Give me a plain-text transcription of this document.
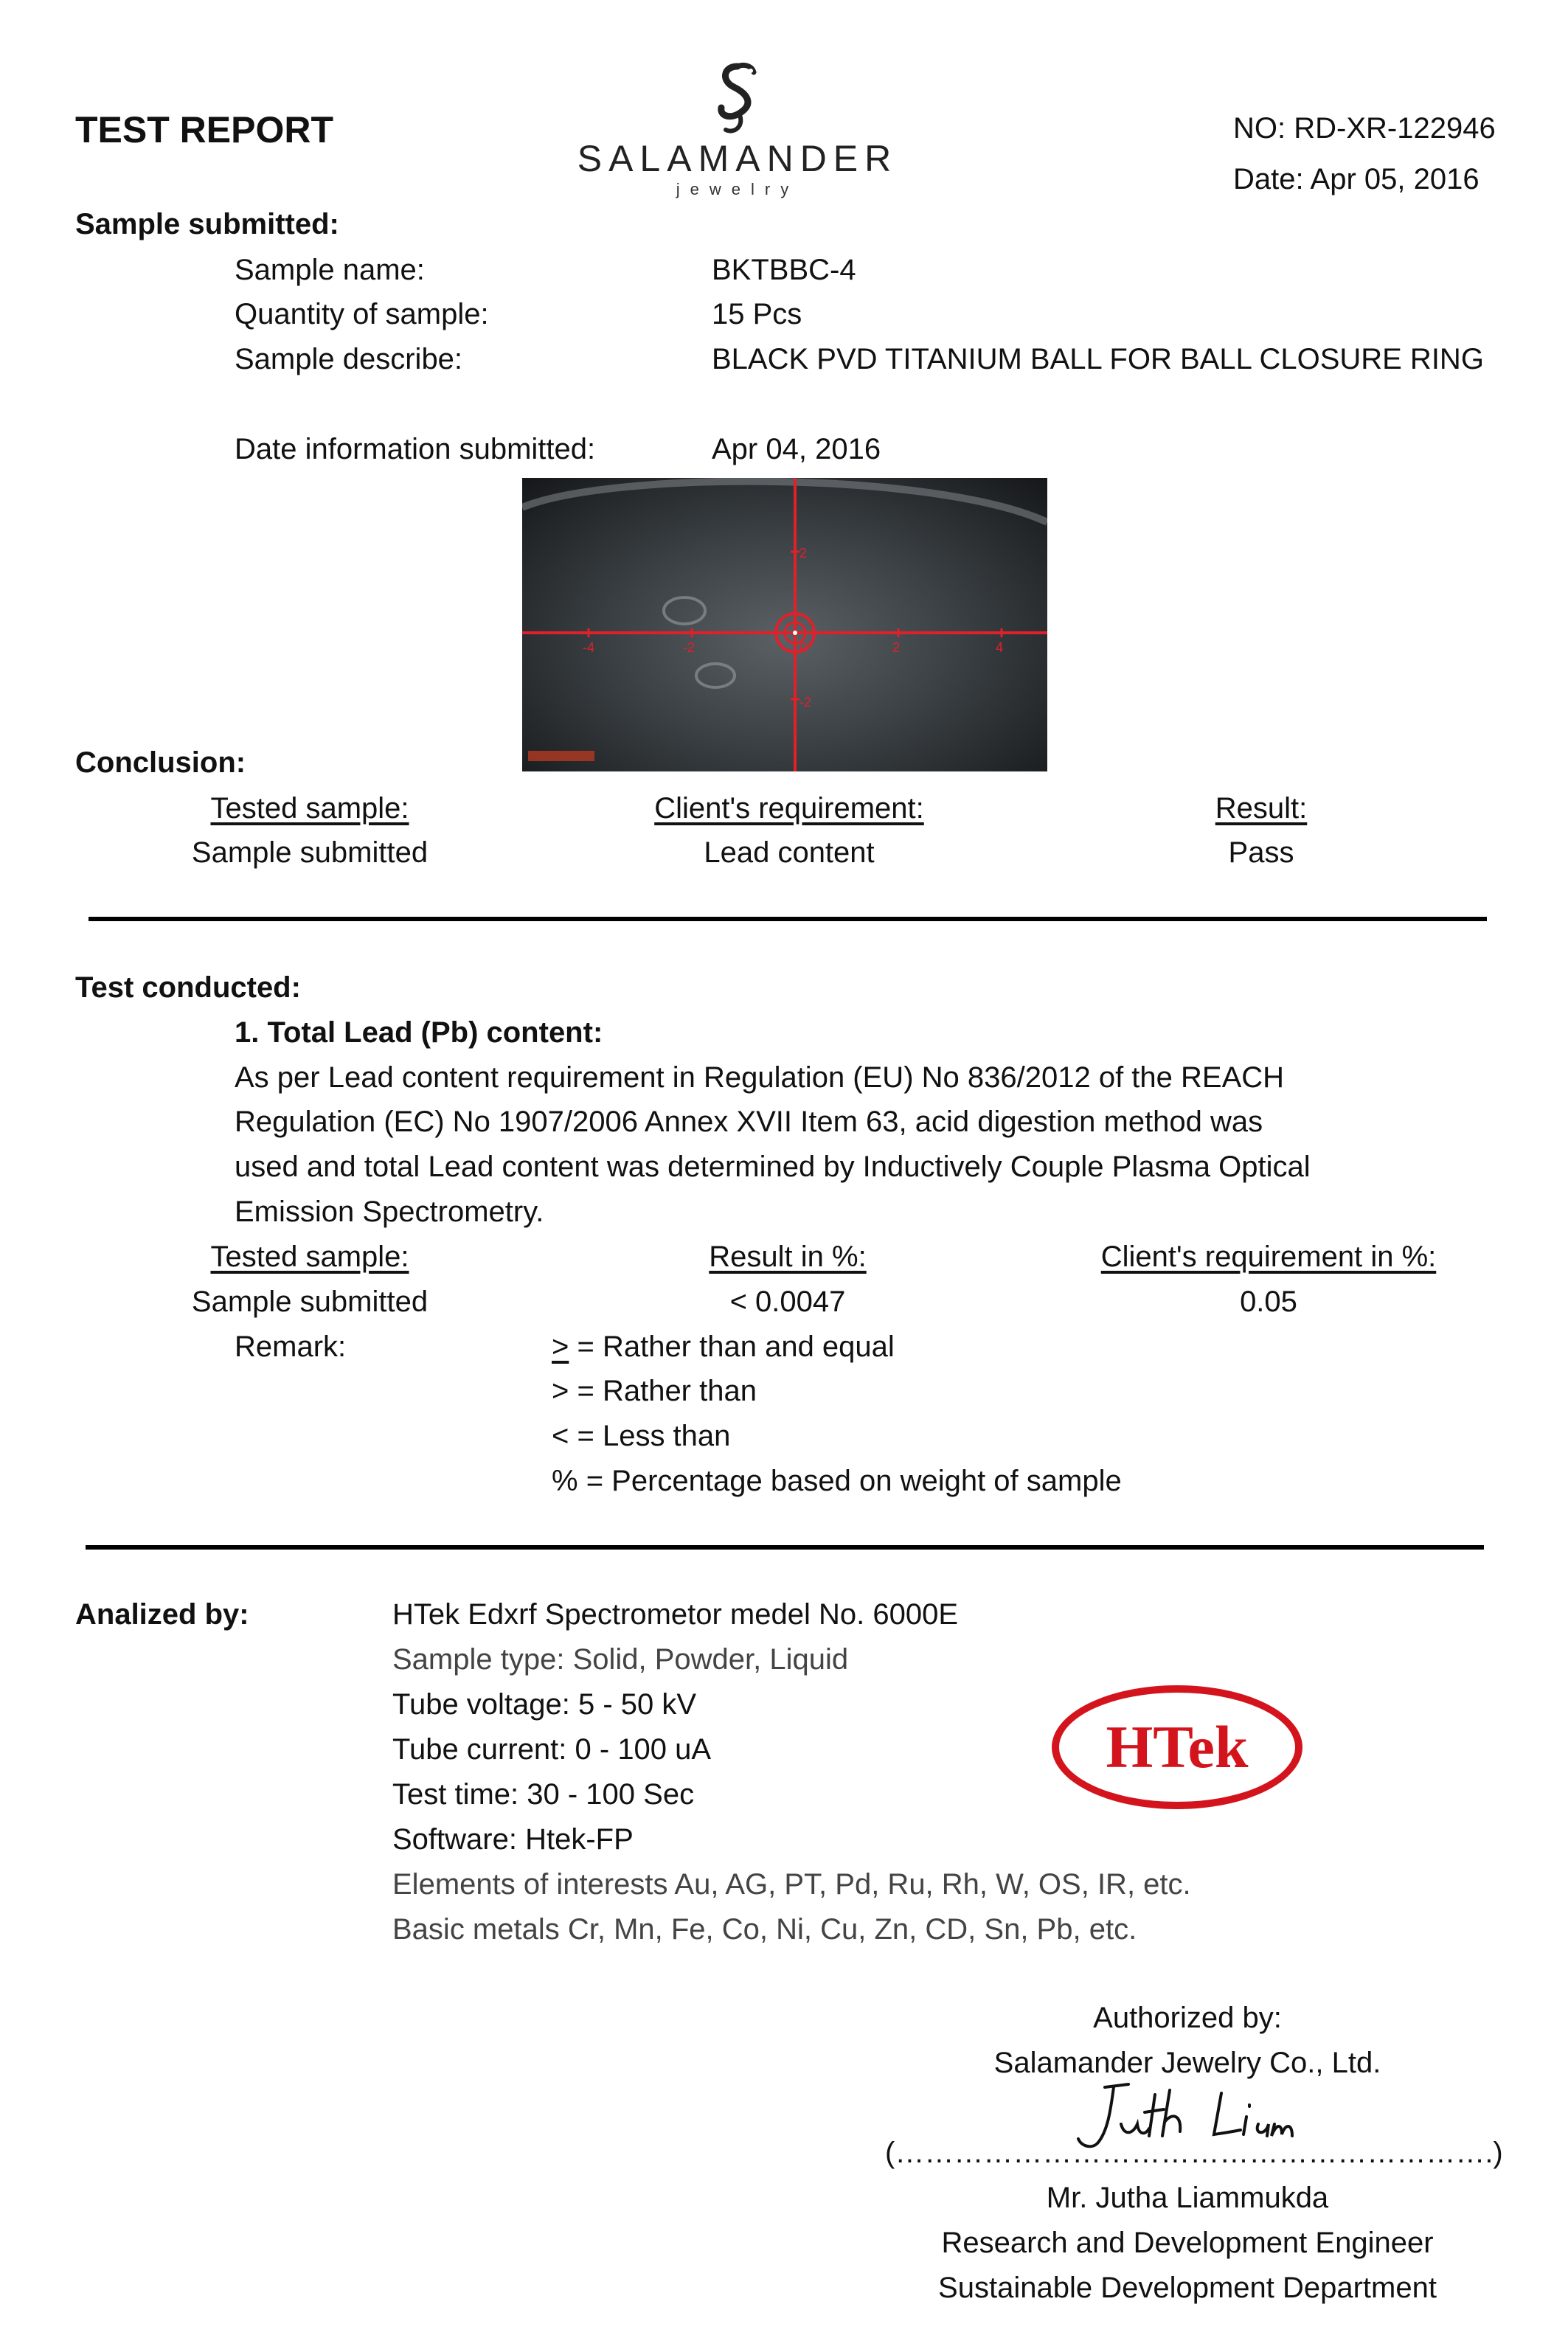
TEST REPORT
SALAMANDER
jewelry
NO: RD-XR-122946
Date: Apr 05, 2016
Sample submitted:
Sample name:	BKTBBC-4
Quantity of sample:	15 Pcs
Sample describe:	BLACK PVD TITANIUM BALL FOR BALL CLOSURE RING
Date information submitted:	Apr 04, 2016
-4	-2	0	2	4
2
-2
Conclusion:
Tested sample:	Client's requirement:	Result:
Sample submitted	Lead content	Pass
Test conducted:
1. Total Lead (Pb) content:
As per Lead content requirement in Regulation (EU) No 836/2012 of the REACH
Regulation (EC) No 1907/2006 Annex XVII Item 63, acid digestion method was
used and total Lead content was determined by Inductively Couple Plasma Optical
Emission Spectrometry.
Tested sample:	Result in %:	Client's requirement in %:
Sample submitted	< 0.0047	0.05
Remark:	> = Rather than and equal
> = Rather than
< = Less than
% = Percentage based on weight of sample
Analized by:	HTek Edxrf Spectrometor medel No. 6000E
Sample type: Solid, Powder, Liquid
Tube voltage: 5 - 50 kV
Tube current: 0 - 100 uA
Test time: 30 - 100 Sec
Software: Htek-FP
Elements of interests Au, AG, PT, Pd, Ru, Rh, W, OS, IR, etc.
Basic metals Cr, Mn, Fe, Co, Ni, Cu, Zn, CD, Sn, Pb, etc.
HTek
Authorized by:
Salamander Jewelry Co., Ltd.
(…………………………………………………….)
Mr. Jutha Liammukda
Research and Development Engineer
Sustainable Development Department
